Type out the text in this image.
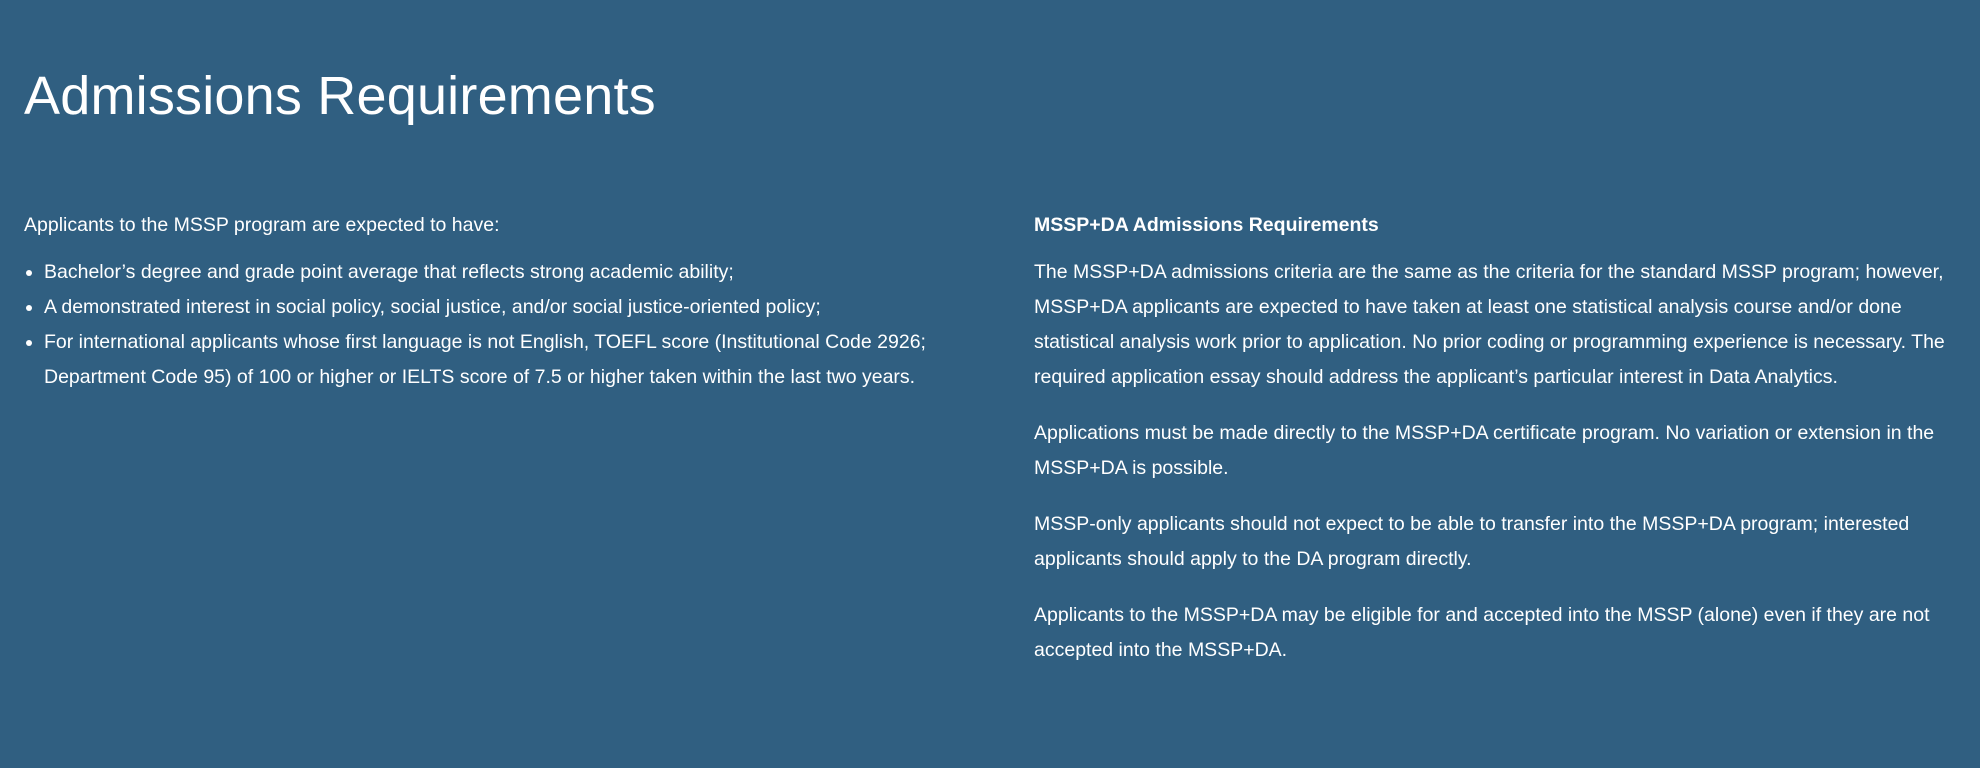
Admissions Requirements

Applicants to the MSSP program are expected to have:

• Bachelor’s degree and grade point average that reflects strong academic ability;
• A demonstrated interest in social policy, social justice, and/or social justice-oriented policy;
• For international applicants whose first language is not English, TOEFL score (Institutional Code 2926; Department Code 95) of 100 or higher or IELTS score of 7.5 or higher taken within the last two years.

MSSP+DA Admissions Requirements

The MSSP+DA admissions criteria are the same as the criteria for the standard MSSP program; however, MSSP+DA applicants are expected to have taken at least one statistical analysis course and/or done statistical analysis work prior to application. No prior coding or programming experience is necessary. The required application essay should address the applicant’s particular interest in Data Analytics.

Applications must be made directly to the MSSP+DA certificate program. No variation or extension in the MSSP+DA is possible.

MSSP-only applicants should not expect to be able to transfer into the MSSP+DA program; interested applicants should apply to the DA program directly.

Applicants to the MSSP+DA may be eligible for and accepted into the MSSP (alone) even if they are not accepted into the MSSP+DA.
